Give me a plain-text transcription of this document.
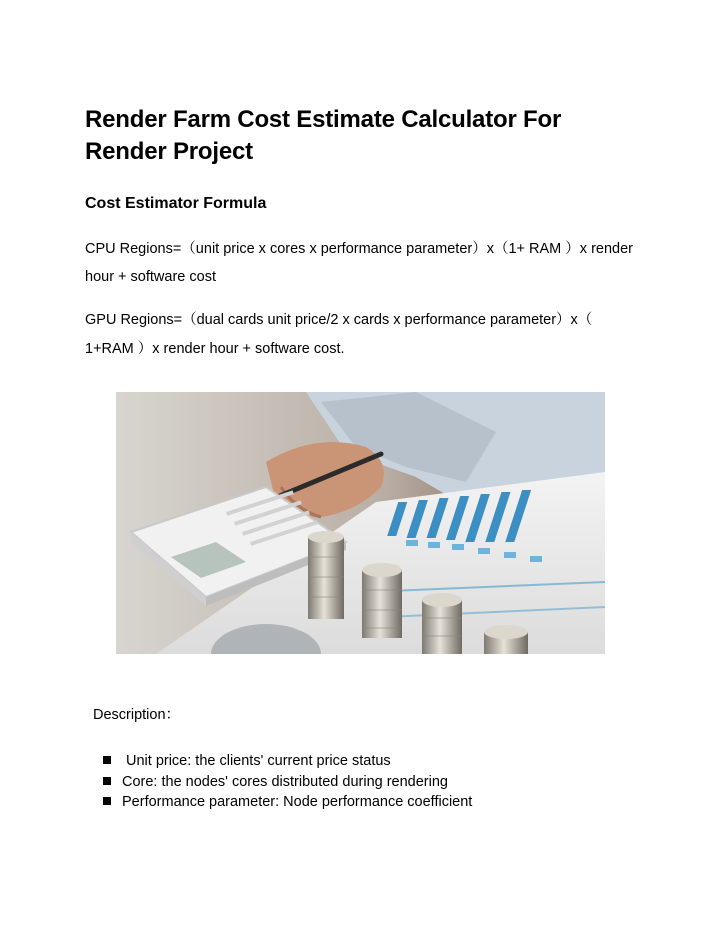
Render Farm Cost Estimate Calculator For Render Project
Cost Estimator Formula

CPU Regions=（unit price x cores x performance parameter）x（1+ RAM ）x render hour + software cost

GPU Regions=（dual cards unit price/2 x cards x performance parameter）x（ 1+RAM ）x render hour + software cost.

Description：

Unit price: the clients' current price status
Core: the nodes' cores distributed during rendering
Performance parameter: Node performance coefficient
